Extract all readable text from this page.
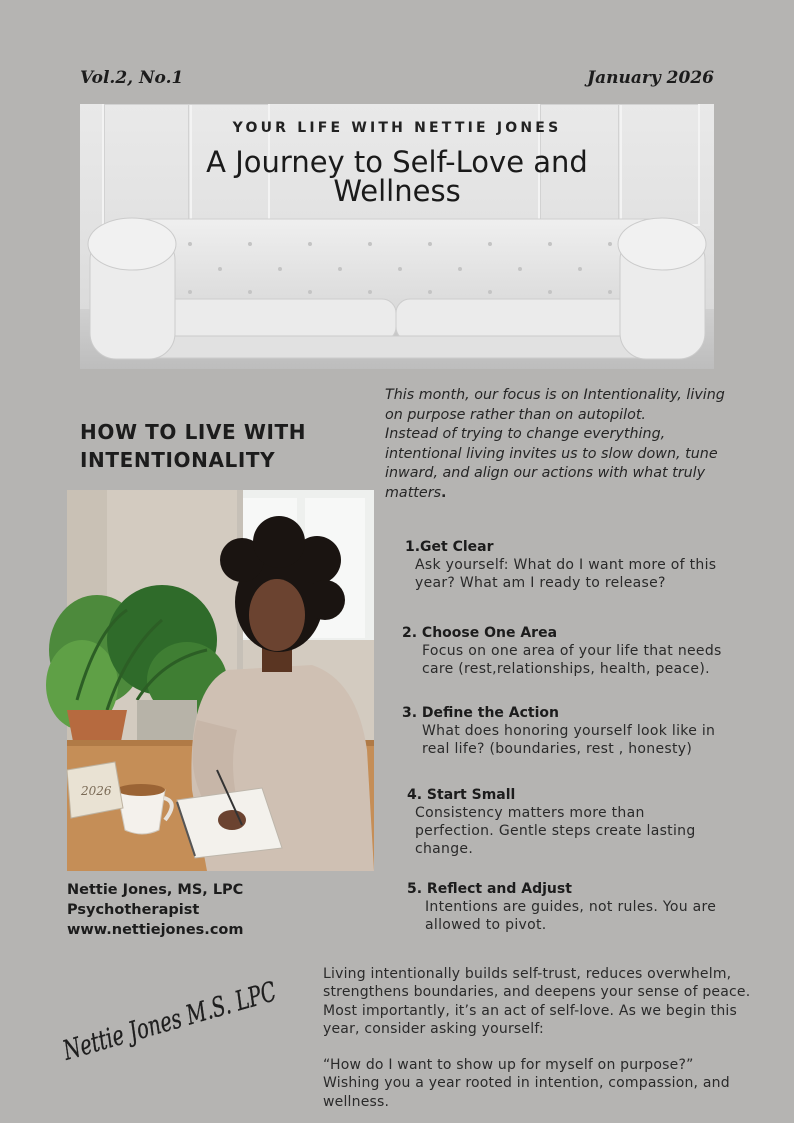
Vol.2, No.1	January 2026
YOUR LIFE WITH NETTIE JONES
A Journey to Self-Love and
Wellness
HOW TO LIVE WITH
INTENTIONALITY
This month, our focus is on Intentionality, living
on purpose rather than on autopilot.
Instead of trying to change everything,
intentional living invites us to slow down, tune
inward, and align our actions with what truly
matters.
2026
Nettie Jones, MS, LPC
Psychotherapist
www.nettiejones.com
1.Get Clear
Ask yourself: What do I want more of this
year? What am I ready to release?
2. Choose One Area
Focus on one area of your life that needs
care (rest,relationships, health, peace).
3. Define the Action
What does honoring yourself look like in
real life? (boundaries, rest , honesty)
4. Start Small
Consistency matters more than
perfection. Gentle steps create lasting
change.
5. Reflect and Adjust
Intentions are guides, not rules. You are
allowed to pivot.
Nettie Jones M.S. LPC

Living intentionally builds self-trust, reduces overwhelm,

strengthens boundaries, and deepens your sense of peace.

Most importantly, it’s an act of self-love. As we begin this

year, consider asking yourself:

“How do I want to show up for myself on purpose?”

Wishing you a year rooted in intention, compassion, and

wellness.
